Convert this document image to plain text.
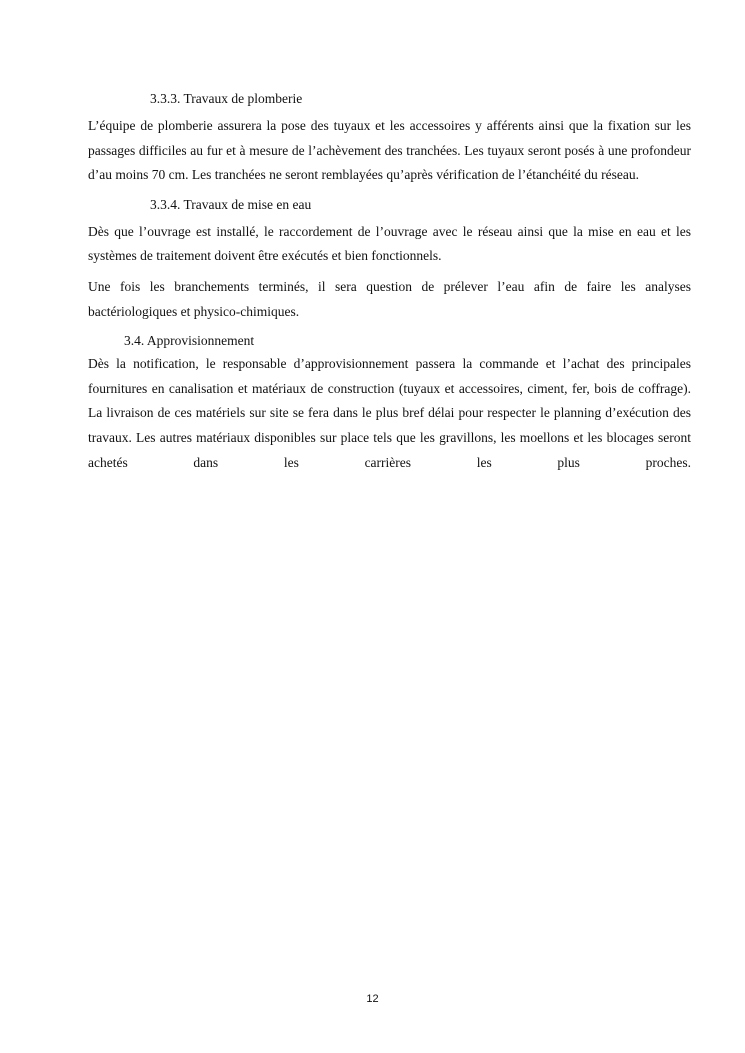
3.3.3. Travaux de plomberie

L’équipe de plomberie assurera la pose des tuyaux et les accessoires y afférents ainsi que la fixation sur les passages difficiles au fur et à mesure de l’achèvement des tranchées. Les tuyaux seront posés à une profondeur d’au moins 70 cm. Les tranchées ne seront remblayées qu’après vérification de l’étanchéité du réseau.

3.3.4. Travaux de mise en eau

Dès que l’ouvrage est installé, le raccordement de l’ouvrage avec le réseau ainsi que la mise en eau et les systèmes de traitement doivent être exécutés et bien fonctionnels.

Une fois les branchements terminés, il sera question de prélever l’eau afin de faire les analyses bactériologiques et physico-chimiques.

3.4. Approvisionnement

Dès la notification, le responsable d’approvisionnement passera la commande et l’achat des principales fournitures en canalisation et matériaux de construction (tuyaux et accessoires, ciment, fer, bois de coffrage). La livraison de ces matériels sur site se fera dans le plus bref délai pour respecter le planning d’exécution des travaux. Les autres matériaux disponibles sur place tels que les gravillons, les moellons et les blocages seront achetés dans les carrières les plus proches.

12
